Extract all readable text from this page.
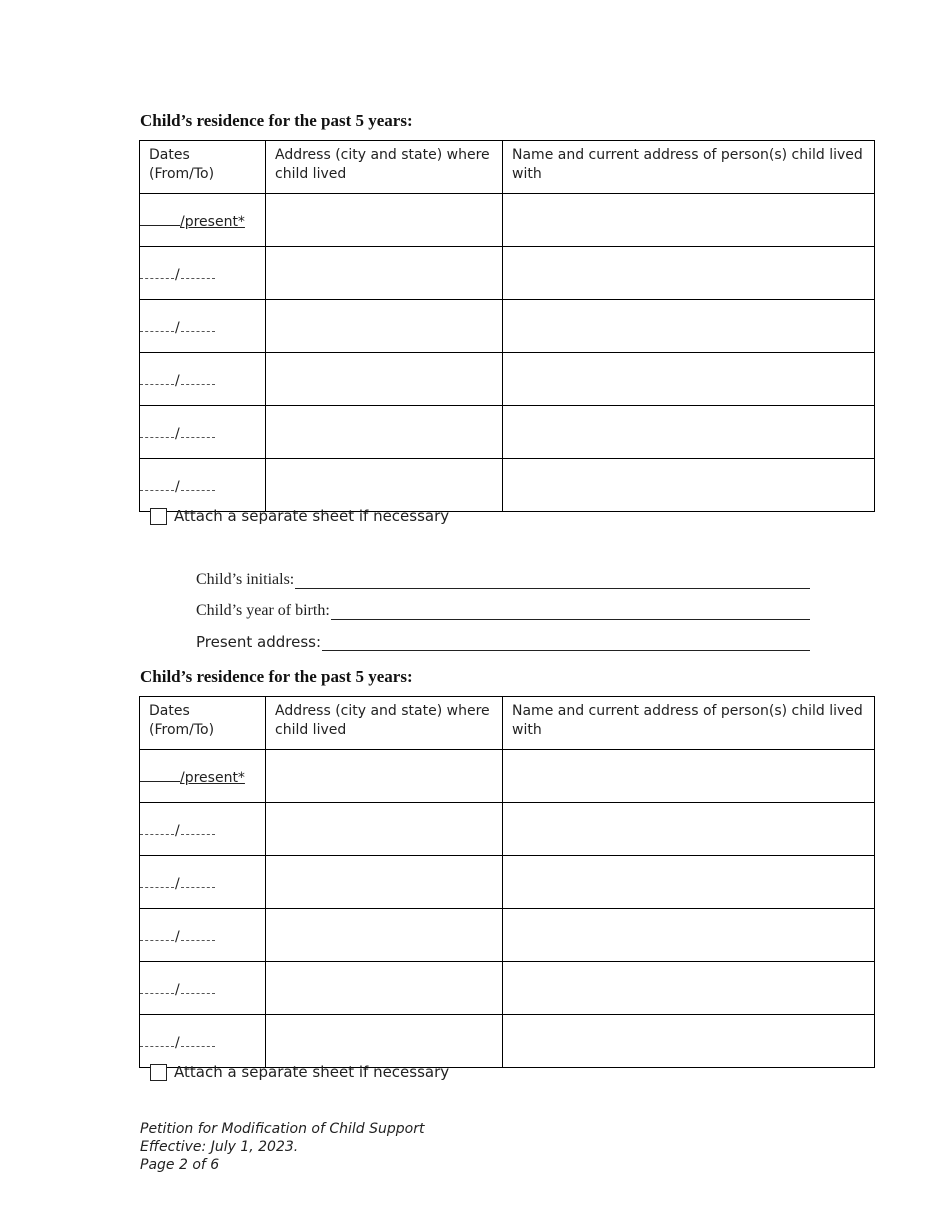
Child’s residence for the past 5 years:
Dates
(From/To)	Address (city and state) where child lived	Name and current address of person(s) child lived with

/present*		

/		

/		

/		

/		

/		

Attach a separate sheet if necessary
Child’s initials:
Child’s year of birth:
Present address:
Child’s residence for the past 5 years:
Dates
(From/To)	Address (city and state) where child lived	Name and current address of person(s) child lived with

/present*		

/		

/		

/		

/		

/		

Attach a separate sheet if necessary
Petition for Modification of Child Support
Effective: July 1, 2023.
Page 2 of 6
